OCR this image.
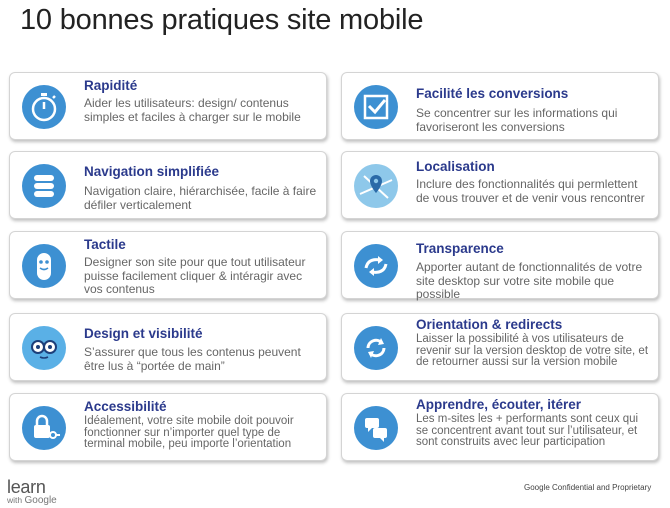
10 bonnes pratiques site mobile
Rapidité
Aider les utilisateurs: design/ contenus simples et faciles à charger sur le mobile
Navigation simplifiée
Navigation claire, hiérarchisée, facile à faire défiler verticalement
Tactile
Designer son site pour que tout utilisateur puisse facilement cliquer & intéragir avec vos contenus
Design et visibilité
S’assurer que tous les contenus peuvent être lus à “portée de main”
Accessibilité
Idéalement, votre site mobile doit pouvoir fonctionner sur n’importer quel type de terminal mobile, peu importe l’orientation
Facilité les conversions
Se concentrer sur les informations qui favoriseront les conversions
Localisation
Inclure des fonctionnalités qui permlettent de vous trouver et de venir vous rencontrer
Transparence
Apporter autant de fonctionnalités de votre site desktop sur votre site mobile que possible
Orientation & redirects
Laisser la possibilité à vos utilisateurs de revenir sur la version desktop de votre site, et de retourner aussi sur la version mobile
Apprendre, écouter, itérer
Les m-sites les + performants sont ceux qui se concentrent avant tout sur l’utilisateur, et sont construits avec leur participation
learn
with Google
Google Confidential and Proprietary
